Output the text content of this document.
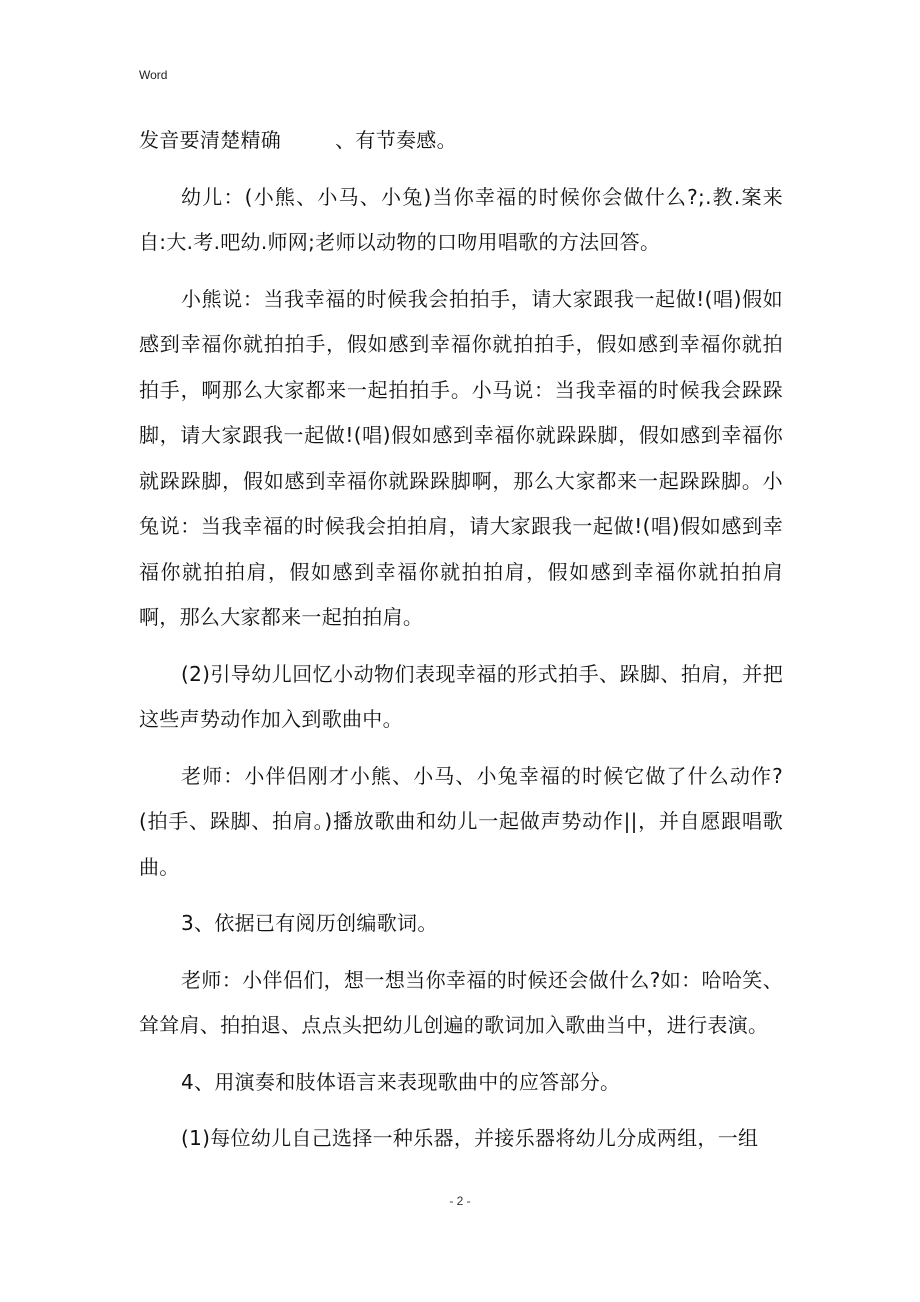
Word

发音要清楚精确	、有节奏感。

幼儿：(小熊、小马、小兔)当你幸福的时候你会做什么?;.教.案来自:大.考.吧幼.师网;老师以动物的口吻用唱歌的方法回答。

小熊说：当我幸福的时候我会拍拍手，请大家跟我一起做!(唱)假如感到幸福你就拍拍手，假如感到幸福你就拍拍手，假如感到幸福你就拍拍手，啊那么大家都来一起拍拍手。小马说：当我幸福的时候我会跺跺脚，请大家跟我一起做!(唱)假如感到幸福你就跺跺脚，假如感到幸福你就跺跺脚，假如感到幸福你就跺跺脚啊，那么大家都来一起跺跺脚。小兔说：当我幸福的时候我会拍拍肩，请大家跟我一起做!(唱)假如感到幸福你就拍拍肩，假如感到幸福你就拍拍肩，假如感到幸福你就拍拍肩啊，那么大家都来一起拍拍肩。

(2)引导幼儿回忆小动物们表现幸福的形式拍手、跺脚、拍肩，并把这些声势动作加入到歌曲中。

老师：小伴侣刚才小熊、小马、小兔幸福的时候它做了什么动作?(拍手、跺脚、拍肩。)播放歌曲和幼儿一起做声势动作||，并自愿跟唱歌曲。

3、依据已有阅历创编歌词。

老师：小伴侣们，想一想当你幸福的时候还会做什么?如：哈哈笑、耸耸肩、拍拍退、点点头把幼儿创遍的歌词加入歌曲当中，进行表演。

4、用演奏和肢体语言来表现歌曲中的应答部分。

(1)每位幼儿自己选择一种乐器，并接乐器将幼儿分成两组，一组

- 2 -
